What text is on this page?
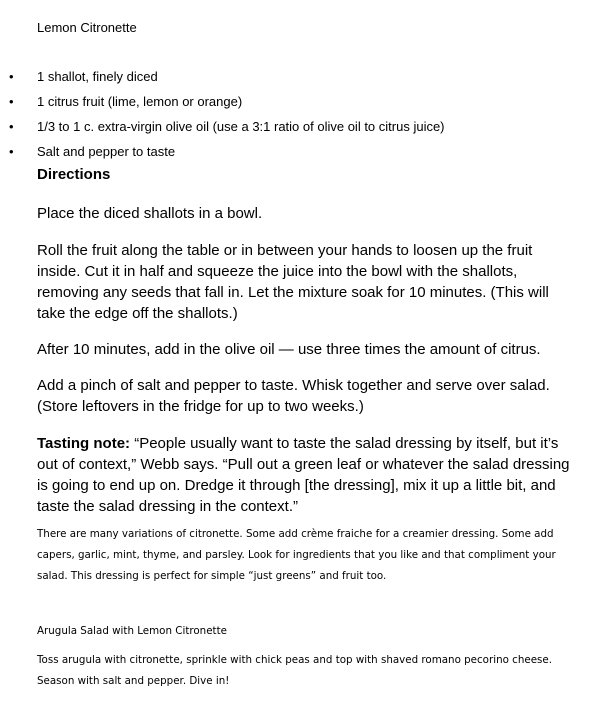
Lemon Citronette
• 1 shallot, finely diced
• 1 citrus fruit (lime, lemon or orange)
• 1/3 to 1 c. extra-virgin olive oil (use a 3:1 ratio of olive oil to citrus juice)
• Salt and pepper to taste
Directions
Place the diced shallots in a bowl.
Roll the fruit along the table or in between your hands to loosen up the fruit inside. Cut it in half and squeeze the juice into the bowl with the shallots, removing any seeds that fall in. Let the mixture soak for 10 minutes. (This will take the edge off the shallots.)
After 10 minutes, add in the olive oil — use three times the amount of citrus.
Add a pinch of salt and pepper to taste. Whisk together and serve over salad. (Store leftovers in the fridge for up to two weeks.)
Tasting note: “People usually want to taste the salad dressing by itself, but it’s out of context,” Webb says. “Pull out a green leaf or whatever the salad dressing is going to end up on. Dredge it through [the dressing], mix it up a little bit, and taste the salad dressing in the context.”
There are many variations of citronette. Some add crème fraiche for a creamier dressing. Some add capers, garlic, mint, thyme, and parsley. Look for ingredients that you like and that compliment your salad. This dressing is perfect for simple “just greens” and fruit too.
Arugula Salad with Lemon Citronette
Toss arugula with citronette, sprinkle with chick peas and top with shaved romano pecorino cheese. Season with salt and pepper. Dive in!
